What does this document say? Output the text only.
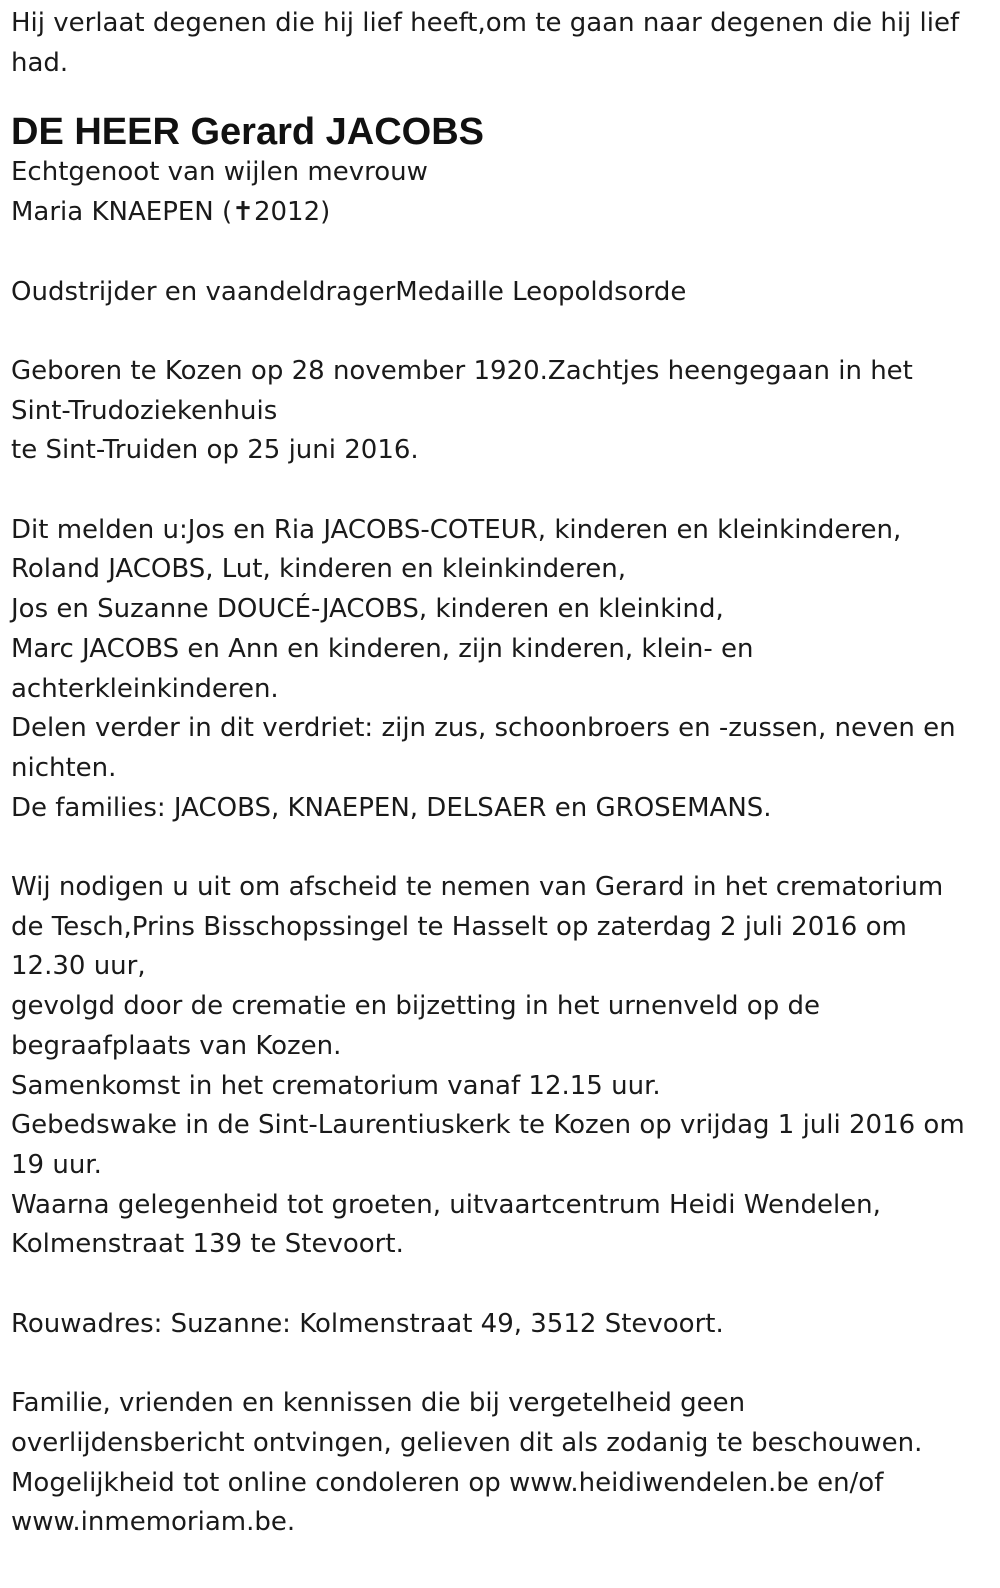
Hij verlaat degenen die hij lief heeft,om te gaan naar degenen die hij lief
had.
DE HEER Gerard JACOBS
Echtgenoot van wijlen mevrouw
Maria KNAEPEN (✝2012)
Oudstrijder en vaandeldragerMedaille Leopoldsorde
Geboren te Kozen op 28 november 1920.Zachtjes heengegaan in het
Sint-Trudoziekenhuis
te Sint-Truiden op 25 juni 2016.
Dit melden u:Jos en Ria JACOBS-COTEUR, kinderen en kleinkinderen,
Roland JACOBS, Lut, kinderen en kleinkinderen,
Jos en Suzanne DOUCÉ-JACOBS, kinderen en kleinkind,
Marc JACOBS en Ann en kinderen, zijn kinderen, klein- en
achterkleinkinderen.
Delen verder in dit verdriet: zijn zus, schoonbroers en -zussen, neven en
nichten.
De families: JACOBS, KNAEPEN, DELSAER en GROSEMANS.
Wij nodigen u uit om afscheid te nemen van Gerard in het crematorium
de Tesch,Prins Bisschopssingel te Hasselt op zaterdag 2 juli 2016 om
12.30 uur,
gevolgd door de crematie en bijzetting in het urnenveld op de
begraafplaats van Kozen.
Samenkomst in het crematorium vanaf 12.15 uur.
Gebedswake in de Sint-Laurentiuskerk te Kozen op vrijdag 1 juli 2016 om
19 uur.
Waarna gelegenheid tot groeten, uitvaartcentrum Heidi Wendelen,
Kolmenstraat 139 te Stevoort.
Rouwadres: Suzanne: Kolmenstraat 49, 3512 Stevoort.
Familie, vrienden en kennissen die bij vergetelheid geen
overlijdensbericht ontvingen, gelieven dit als zodanig te beschouwen.
Mogelijkheid tot online condoleren op www.heidiwendelen.be en/of
www.inmemoriam.be.
